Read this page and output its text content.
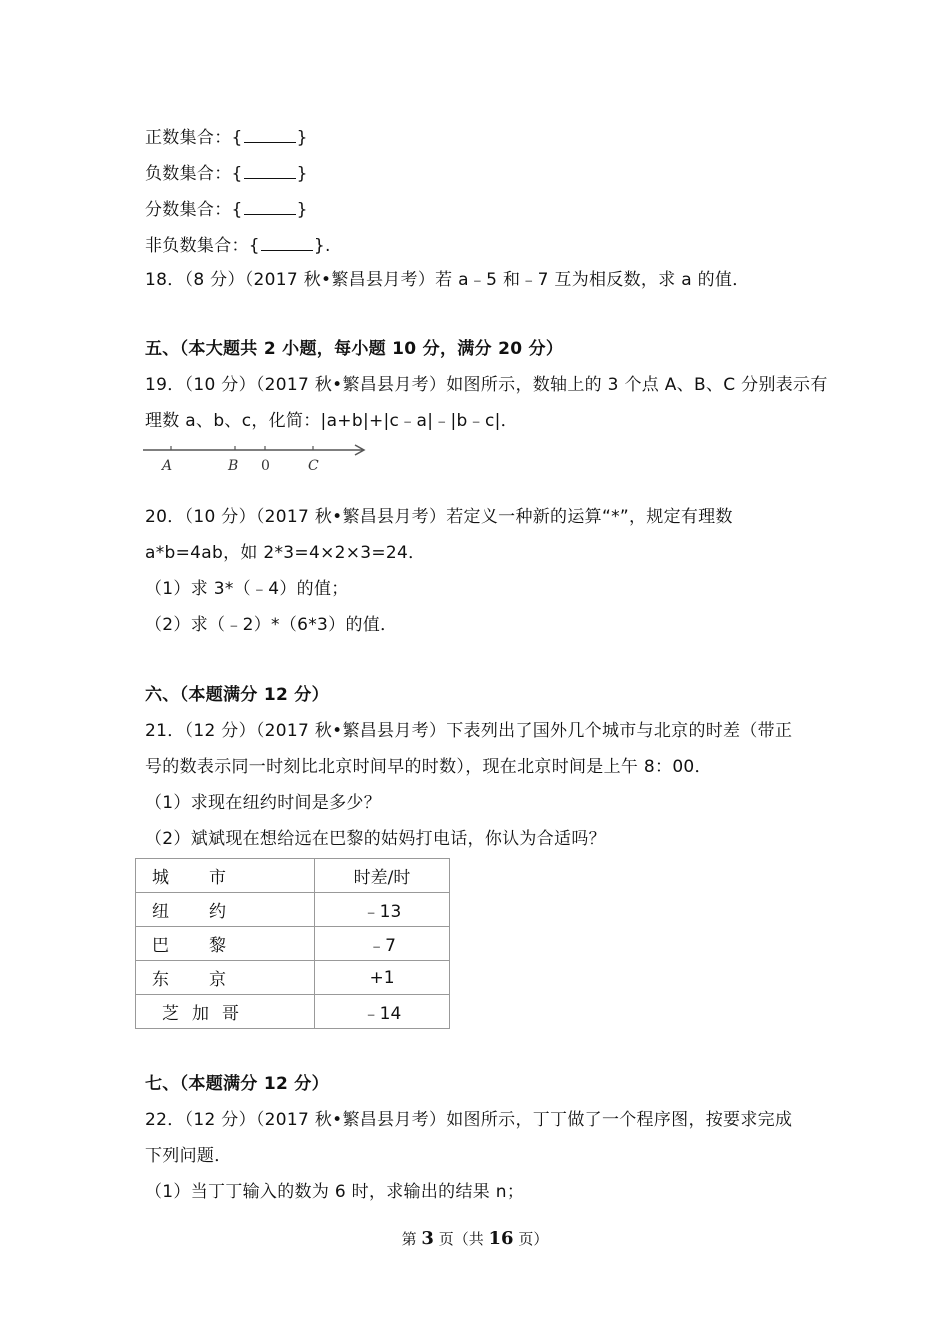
正数集合：{	}
负数集合：{	}
分数集合：{	}
非负数集合：{	}.
18．（8 分）（2017 秋•繁昌县月考）若 a﹣5 和﹣7 互为相反数，求 a 的值．
五、（本大题共 2 小题，每小题 10 分，满分 20 分）
19．（10 分）（2017 秋•繁昌县月考）如图所示，数轴上的 3 个点 A、B、C 分别表示有
理数 a、b、c，化简：|a+b|+|c﹣a|﹣|b﹣c|．
A	B 0	C
20．（10 分）（2017 秋•繁昌县月考）若定义一种新的运算“*”，规定有理数
a*b=4ab，如 2*3=4×2×3=24．
（1）求 3*（﹣4）的值；
（2）求（﹣2）*（6*3）的值．
六、（本题满分 12 分）
21．（12 分）（2017 秋•繁昌县月考）下表列出了国外几个城市与北京的时差（带正
号的数表示同一时刻比北京时间早的时数），现在北京时间是上午 8：00．
（1）求现在纽约时间是多少？
（2）斌斌现在想给远在巴黎的姑妈打电话，你认为合适吗？
城 市	时差/时

纽 约	﹣13

巴 黎	﹣7

东 京	+1

芝 加 哥	﹣14
七、（本题满分 12 分）
22．（12 分）（2017 秋•繁昌县月考）如图所示，丁丁做了一个程序图，按要求完成
下列问题．
（1）当丁丁输入的数为 6 时，求输出的结果 n；
第 3 页（共 16 页）
